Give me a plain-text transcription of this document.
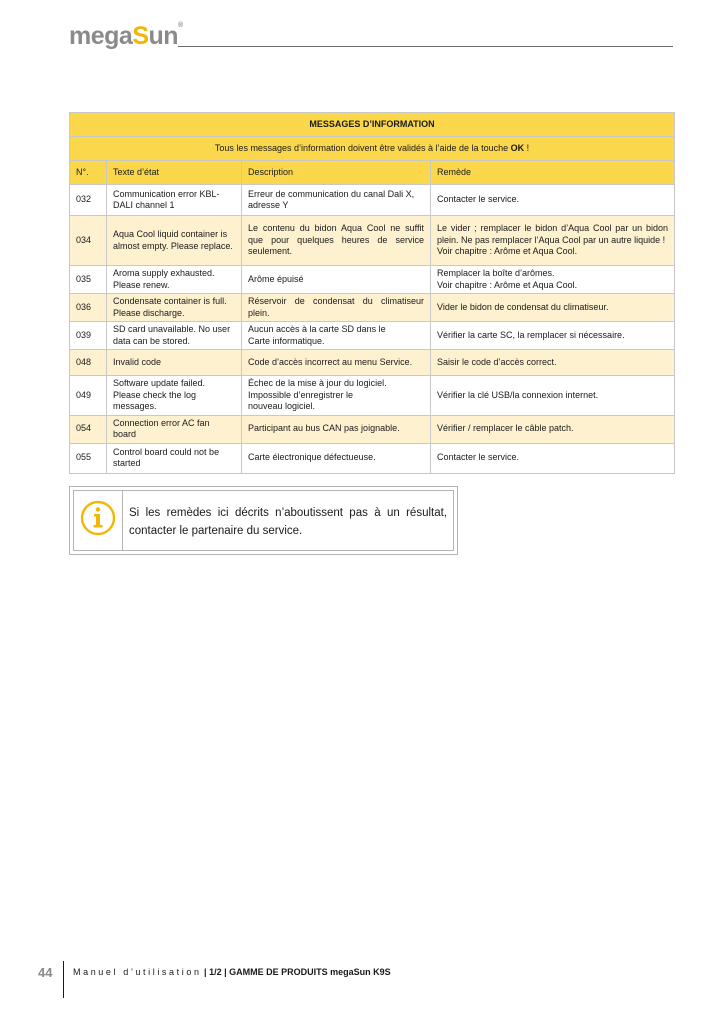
megaSun®
MESSAGES D’INFORMATION			
Tous les messages d’information doivent être validés à l’aide de la touche OK !			
N°.	Texte d’état	Description	Remède
032	Communication error KBL-DALI channel 1	Erreur de communication du canal Dali X, adresse Y	Contacter le service.
034	Aqua Cool liquid container is almost empty. Please replace.	Le contenu du bidon Aqua Cool ne suffit que pour quelques heures de service seulement.	Le vider ; remplacer le bidon d’Aqua Cool par un bidon plein. Ne pas remplacer l’Aqua Cool par un autre liquide !
Voir chapitre : Arôme et Aqua Cool.
035	Aroma supply exhausted. Please renew.	Arôme épuisé	Remplacer la boîte d’arômes.
Voir chapitre : Arôme et Aqua Cool.
036	Condensate container is full. Please discharge.	Réservoir de condensat du climatiseur plein.	Vider le bidon de condensat du climatiseur.
039	SD card unavailable. No user data can be stored.	Aucun accès à la carte SD dans le
Carte informatique.	Vérifier la carte SC, la remplacer si nécessaire.
048	Invalid code	Code d’accès incorrect au menu Service.	Saisir le code d’accès correct.
049	Software update failed. Please check the log messages.	Échec de la mise à jour du logiciel.
Impossible d’enregistrer le
nouveau logiciel.	Vérifier la clé USB/la connexion internet.
054	Connection error AC fan board	Participant au bus CAN pas joignable.	Vérifier / remplacer le câble patch.
055	Control board could not be started	Carte électronique défectueuse.	Contacter le service.
Si les remèdes ici décrits n’aboutissent pas à un résultat, contacter le partenaire du service.
44 Manuel d’utilisation | 1/2 | GAMME DE PRODUITS megaSun K9S
